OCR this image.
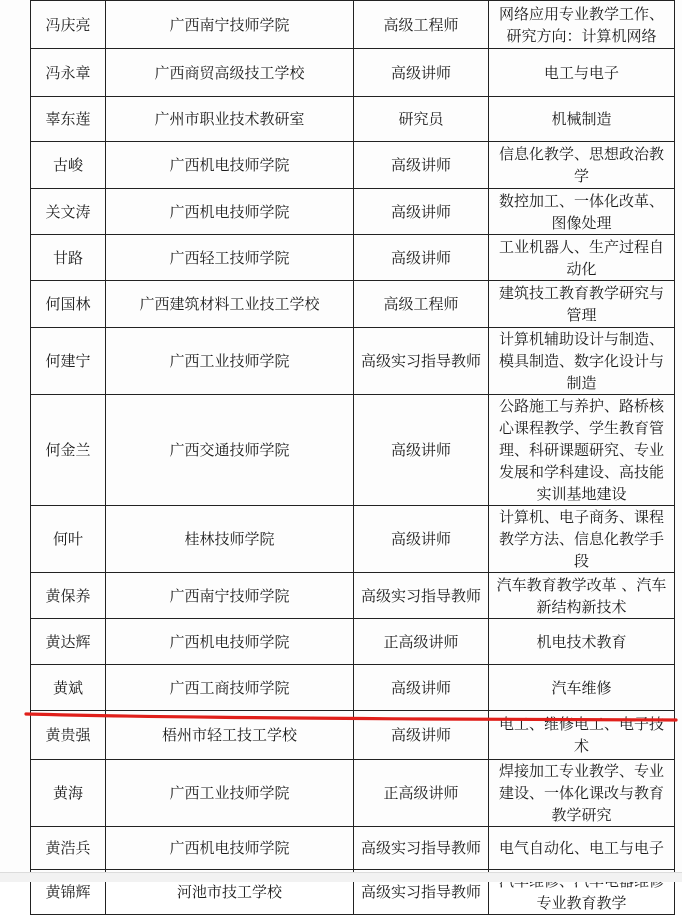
冯庆亮	广西南宁技师学院	高级工程师	网络应用专业教学工作、研究方向：计算机网络
冯永章	广西商贸高级技工学校	高级讲师	电工与电子
辜东莲	广州市职业技术教研室	研究员	机械制造
古峻	广西机电技师学院	高级讲师	信息化教学、思想政治教学
关文涛	广西机电技师学院	高级讲师	数控加工、一体化改革、图像处理
甘路	广西轻工技师学院	高级讲师	工业机器人、生产过程自动化
何国林	广西建筑材料工业技工学校	高级工程师	建筑技工教育教学研究与管理
何建宁	广西工业技师学院	高级实习指导教师	计算机辅助设计与制造、模具制造、数字化设计与制造
何金兰	广西交通技师学院	高级讲师	公路施工与养护、路桥核心课程教学、学生教育管理、科研课题研究、专业发展和学科建设、高技能实训基地建设
何叶	桂林技师学院	高级讲师	计算机、电子商务、课程教学方法、信息化教学手段
黄保养	广西南宁技师学院	高级实习指导教师	汽车教育教学改革 、汽车新结构新技术
黄达辉	广西机电技师学院	正高级讲师	机电技术教育
黄斌	广西工商技师学院	高级讲师	汽车维修
黄贵强	梧州市轻工技工学校	高级讲师	电工、维修电工、电子技术
黄海	广西工业技师学院	正高级讲师	焊接加工专业教学、专业建设、一体化课改与教育教学研究
黄浩兵	广西机电技师学院	高级实习指导教师	电气自动化、电工与电子
黄锦辉	河池市技工学校	高级实习指导教师	专业教育教学
